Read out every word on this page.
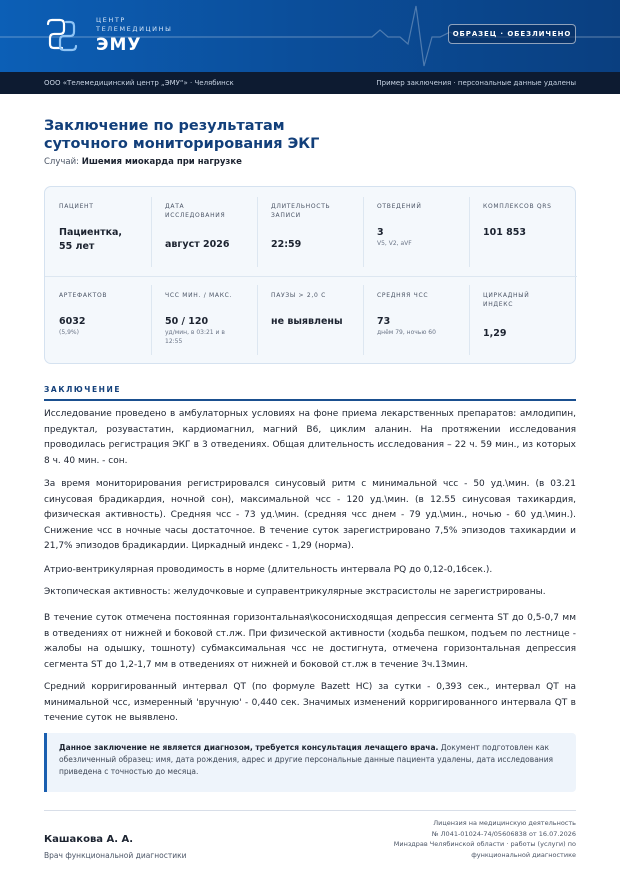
ЦЕНТР
ТЕЛЕМЕДИЦИНЫ
ЭМУ
ОБРАЗЕЦ · ОБЕЗЛИЧЕНО
ООО «Телемедицинский центр „ЭМУ“» · Челябинск	Пример заключения · персональные данные удалены
Заключение по результатам
суточного мониторирования ЭКГ
Случай: Ишемия миокарда при нагрузке
ПАЦИЕНТ
Пациентка,
55 лет
ДАТА
ИССЛЕДОВАНИЯ
август 2026
ДЛИТЕЛЬНОСТЬ
ЗАПИСИ
22:59
ОТВЕДЕНИЙ
3
V5, V2, aVF
КОМПЛЕКСОВ QRS
101 853
АРТЕФАКТОВ
6032
(5,9%)
ЧСС МИН. / МАКС.
50 / 120
уд/мин, в 03:21 и в
12:55
ПАУЗЫ > 2,0 С
не выявлены
СРЕДНЯЯ ЧСС
73
днём 79, ночью 60
ЦИРКАДНЫЙ
ИНДЕКС
1,29
ЗАКЛЮЧЕНИЕ
Исследование проведено в амбулаторных условиях на фоне приема лекарственных препаратов: амлодипин, предуктал, розувастатин, кардиомагнил, магний B6, циклим аланин. На протяжении исследования проводилась регистрация ЭКГ в 3 отведениях. Общая длительность исследования – 22 ч. 59 мин., из которых 8 ч. 40 мин. - сон.
За время мониторирования регистрировался синусовый ритм с минимальной чсс - 50 уд.\мин. (в 03.21 синусовая брадикардия, ночной сон), максимальной чсс - 120 уд.\мин. (в 12.55 синусовая тахикардия, физическая активность). Средняя чсс - 73 уд.\мин. (средняя чсс днем - 79 уд.\мин., ночью - 60 уд.\мин.). Снижение чсс в ночные часы достаточное. В течение суток зарегистрировано 7,5% эпизодов тахикардии и 21,7% эпизодов брадикардии. Циркадный индекс - 1,29 (норма).
Атрио-вентрикулярная проводимость в норме (длительность интервала PQ до 0,12-0,16сек.).
Эктопическая активность: желудочковые и суправентрикулярные экстрасистолы не зарегистрированы.
В течение суток отмечена постоянная горизонтальная\косонисходящая депрессия сегмента ST до 0,5-0,7 мм в отведениях от нижней и боковой ст.лж. При физической активности (ходьба пешком, подъем по лестнице - жалобы на одышку, тошноту) субмаксимальная чсс не достигнута, отмечена горизонтальная депрессия сегмента ST до 1,2-1,7 мм в отведениях от нижней и боковой ст.лж в течение 3ч.13мин.
Средний корригированный интервал QT (по формуле Bazett HC) за сутки - 0,393 сек., интервал QT на минимальной чсс, измеренный 'вручную' - 0,440 сек. Значимых изменений корригированного интервала QT в течение суток не выявлено.
Данное заключение не является диагнозом, требуется консультация лечащего врача. Документ подготовлен как обезличенный образец: имя, дата рождения, адрес и другие персональные данные пациента удалены, дата исследования приведена с точностью до месяца.
Кашакова А. А.
Врач функциональной диагностики
Лицензия на медицинскую деятельность
№ Л041-01024-74/05606838 от 16.07.2026
Минздрав Челябинской области · работы (услуги) по
функциональной диагностике
